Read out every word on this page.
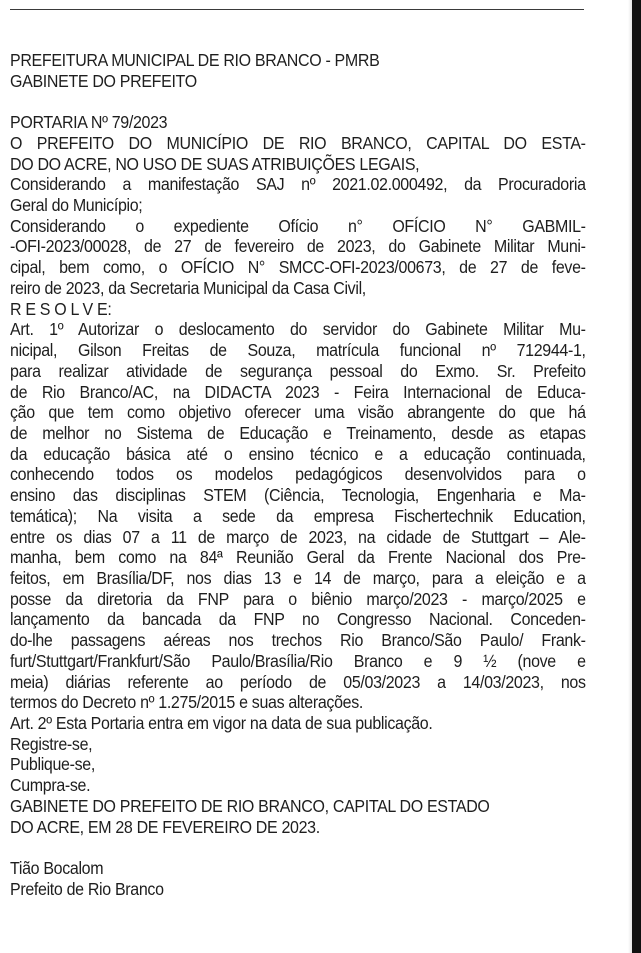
PREFEITURA MUNICIPAL DE RIO BRANCO - PMRB
GABINETE DO PREFEITO
PORTARIA Nº 79/2023
O PREFEITO DO MUNICÍPIO DE RIO BRANCO, CAPITAL DO ESTA-
DO DO ACRE, NO USO DE SUAS ATRIBUIÇÕES LEGAIS,
Considerando a manifestação SAJ nº 2021.02.000492, da Procuradoria
Geral do Município;
Considerando o expediente Ofício n° OFÍCIO N° GABMIL-
-OFI-2023/00028, de 27 de fevereiro de 2023, do Gabinete Militar Muni-
cipal, bem como, o OFÍCIO N° SMCC-OFI-2023/00673, de 27 de feve-
reiro de 2023, da Secretaria Municipal da Casa Civil,
R E S O L V E:
Art. 1º Autorizar o deslocamento do servidor do Gabinete Militar Mu-
nicipal, Gilson Freitas de Souza, matrícula funcional nº 712944-1,
para realizar atividade de segurança pessoal do Exmo. Sr. Prefeito
de Rio Branco/AC, na DIDACTA 2023 - Feira Internacional de Educa-
ção que tem como objetivo oferecer uma visão abrangente do que há
de melhor no Sistema de Educação e Treinamento, desde as etapas
da educação básica até o ensino técnico e a educação continuada,
conhecendo todos os modelos pedagógicos desenvolvidos para o
ensino das disciplinas STEM (Ciência, Tecnologia, Engenharia e Ma-
temática); Na visita a sede da empresa Fischertechnik Education,
entre os dias 07 a 11 de março de 2023, na cidade de Stuttgart – Ale-
manha, bem como na 84ª Reunião Geral da Frente Nacional dos Pre-
feitos, em Brasília/DF, nos dias 13 e 14 de março, para a eleição e a
posse da diretoria da FNP para o biênio março/2023 - março/2025 e
lançamento da bancada da FNP no Congresso Nacional. Conceden-
do-lhe passagens aéreas nos trechos Rio Branco/São Paulo/ Frank-
furt/Stuttgart/Frankfurt/São Paulo/Brasília/Rio Branco e 9 ½ (nove e
meia) diárias referente ao período de 05/03/2023 a 14/03/2023, nos
termos do Decreto nº 1.275/2015 e suas alterações.
Art. 2º Esta Portaria entra em vigor na data de sua publicação.
Registre-se,
Publique-se,
Cumpra-se.
GABINETE DO PREFEITO DE RIO BRANCO, CAPITAL DO ESTADO
DO ACRE, EM 28 DE FEVEREIRO DE 2023.
Tião Bocalom
Prefeito de Rio Branco
